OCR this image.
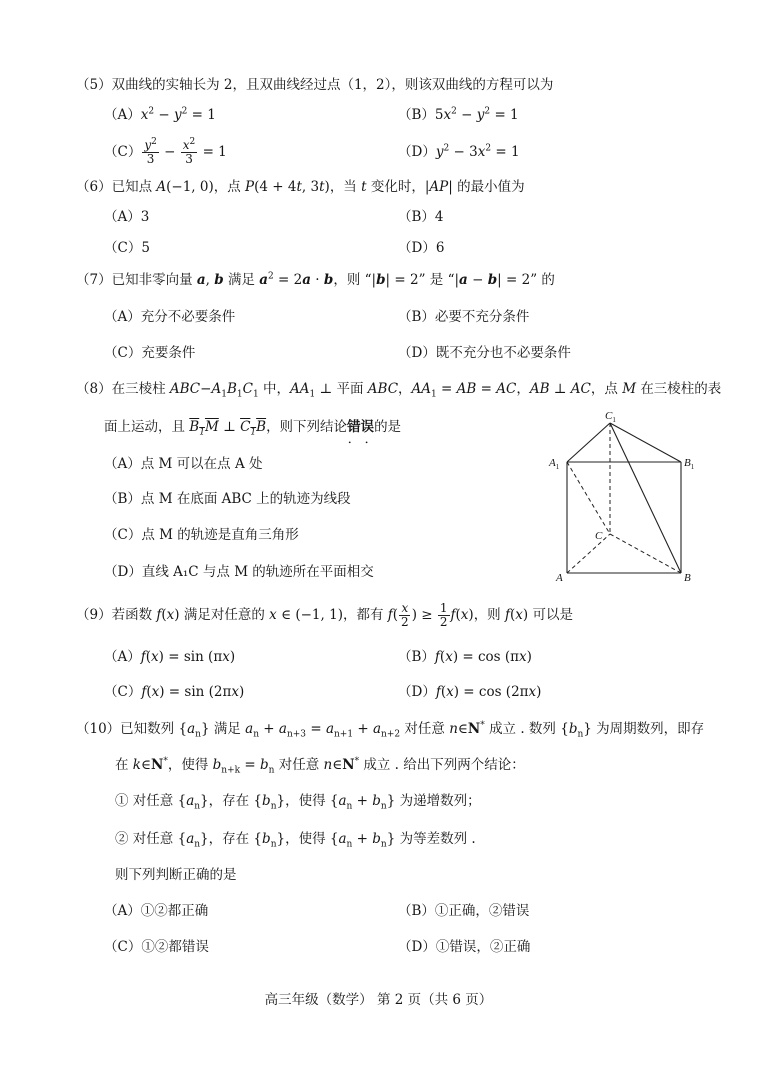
（5）双曲线的实轴长为 2，且双曲线经过点（1，2），则该双曲线的方程可以为
$(A)x^2 - y^2 = 1$	$(B)5x^2 - y^2 = 1$
$(C) \frac{y^2}{3} - \frac{x^2}{3} = 1$	$(D)y^2 - 3x^2 = 1$
（6）已知点 A(−1, 0)，点 P(4 + 4t, 3t)，当 t 变化时，|AP| 的最小值为
（A）3	（B）4
（C）5	（D）6
（7）已知非零向量 a, b 满足 $a^2 = 2a \cdot b$，则 “|b| = 2” 是 “|a − b| = 2” 的
（A）充分不必要条件	（B）必要不充分条件
（C）充要条件	（D）既不充分也不必要条件
（8）在三棱柱 $ABC-A_1B_1C_1$ 中，$AA_1$ ⊥ 平面 ABC，$AA_1$ = AB = AC，AB ⊥ AC，点 M 在三棱柱的表
面上运动，且 $B_1M$ ⊥ $C_1B$，则下列结论错误 • •的是
（A）点 M 可以在点 A 处
（B）点 M 在底面 ABC 上的轨迹为线段
（C）点 M 的轨迹是直角三角形
（D）直线 A₁C 与点 M 的轨迹所在平面相交
$C_1$
$A_1$	$B_1$
C
A	B
（9）若函数 f(x) 满足对任意的 x ∈ (−1, 1)，都有 $f( \frac{x}{2}$ ) ≥ $\frac{1}{2} f(x)$，则 f(x) 可以是
（A）f(x) = sin (πx)	（B）f(x) = cos (πx)
（C）f(x) = sin (2πx)	（D）f(x) = cos (2πx)
（10）已知数列 $\{a_n\}$ 满足 $a_n + a_{n+3} = a_{n+1} + a_{n+2}$ 对任意 n∈N* 成立 . 数列 $\{b_n\}$ 为周期数列，即存
在 k∈N*，使得 $b_{n+k} = b_n$ 对任意 n∈N* 成立 . 给出下列两个结论：
① 对任意 $\{a_n\}$，存在 $\{b_n\}$，使得 $\{a_n + b_n\}$ 为递增数列；
② 对任意 $\{a_n\}$，存在 $\{b_n\}$，使得 $\{a_n + b_n\}$ 为等差数列 .
则下列判断正确的是
（A）①②都正确	（B）①正确，②错误
（C）①②都错误	（D）①错误，②正确
高三年级（数学） 第 2 页（共 6 页）
